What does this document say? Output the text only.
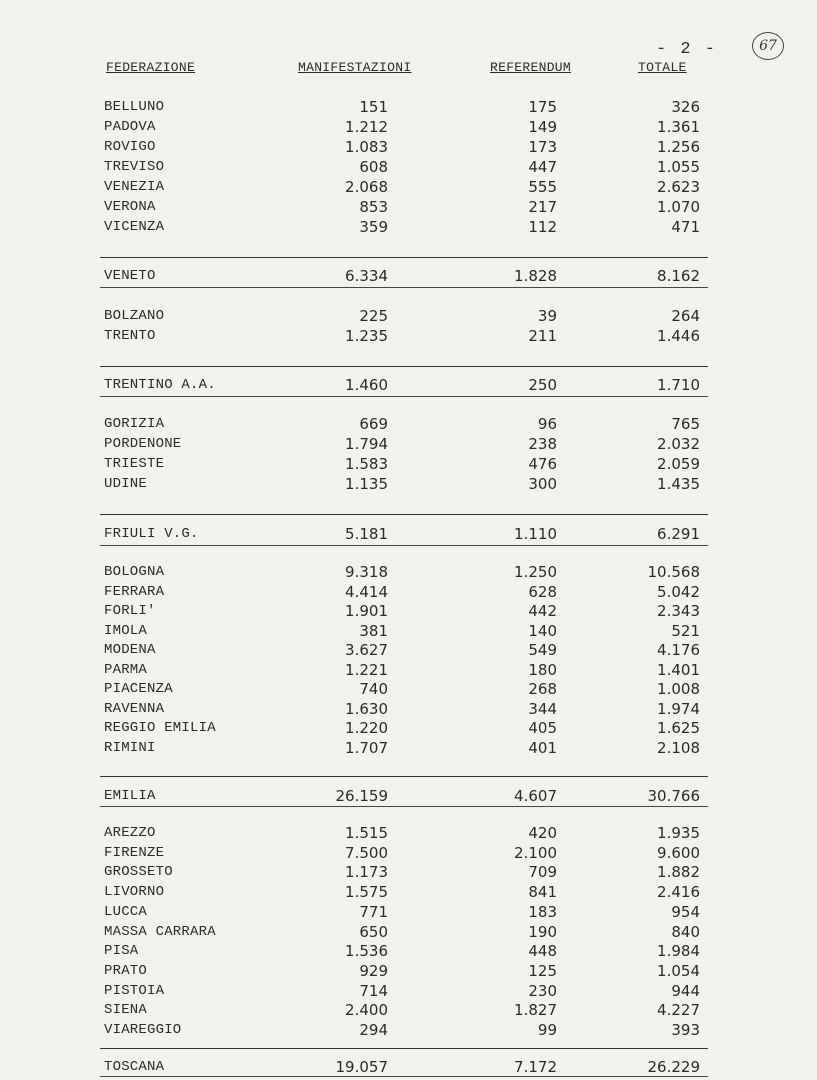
- 2 -	67
FEDERAZIONE	MANIFESTAZIONI	REFERENDUM	TOTALE
BELLUNO	151	175	326
PADOVA	1.212	149	1.361
ROVIGO	1.083	173	1.256
TREVISO	608	447	1.055
VENEZIA	2.068	555	2.623
VERONA	853	217	1.070
VICENZA	359	112	471
VENETO	6.334	1.828	8.162
BOLZANO	225	39	264
TRENTO	1.235	211	1.446
TRENTINO A.A.	1.460	250	1.710
GORIZIA	669	96	765
PORDENONE	1.794	238	2.032
TRIESTE	1.583	476	2.059
UDINE	1.135	300	1.435
FRIULI V.G.	5.181	1.110	6.291
BOLOGNA	9.318	1.250	10.568
FERRARA	4.414	628	5.042
FORLI'	1.901	442	2.343
IMOLA	381	140	521
MODENA	3.627	549	4.176
PARMA	1.221	180	1.401
PIACENZA	740	268	1.008
RAVENNA	1.630	344	1.974
REGGIO EMILIA	1.220	405	1.625
RIMINI	1.707	401	2.108
EMILIA	26.159	4.607	30.766
AREZZO	1.515	420	1.935
FIRENZE	7.500	2.100	9.600
GROSSETO	1.173	709	1.882
LIVORNO	1.575	841	2.416
LUCCA	771	183	954
MASSA CARRARA	650	190	840
PISA	1.536	448	1.984
PRATO	929	125	1.054
PISTOIA	714	230	944
SIENA	2.400	1.827	4.227
VIAREGGIO	294	99	393
TOSCANA	19.057	7.172	26.229
